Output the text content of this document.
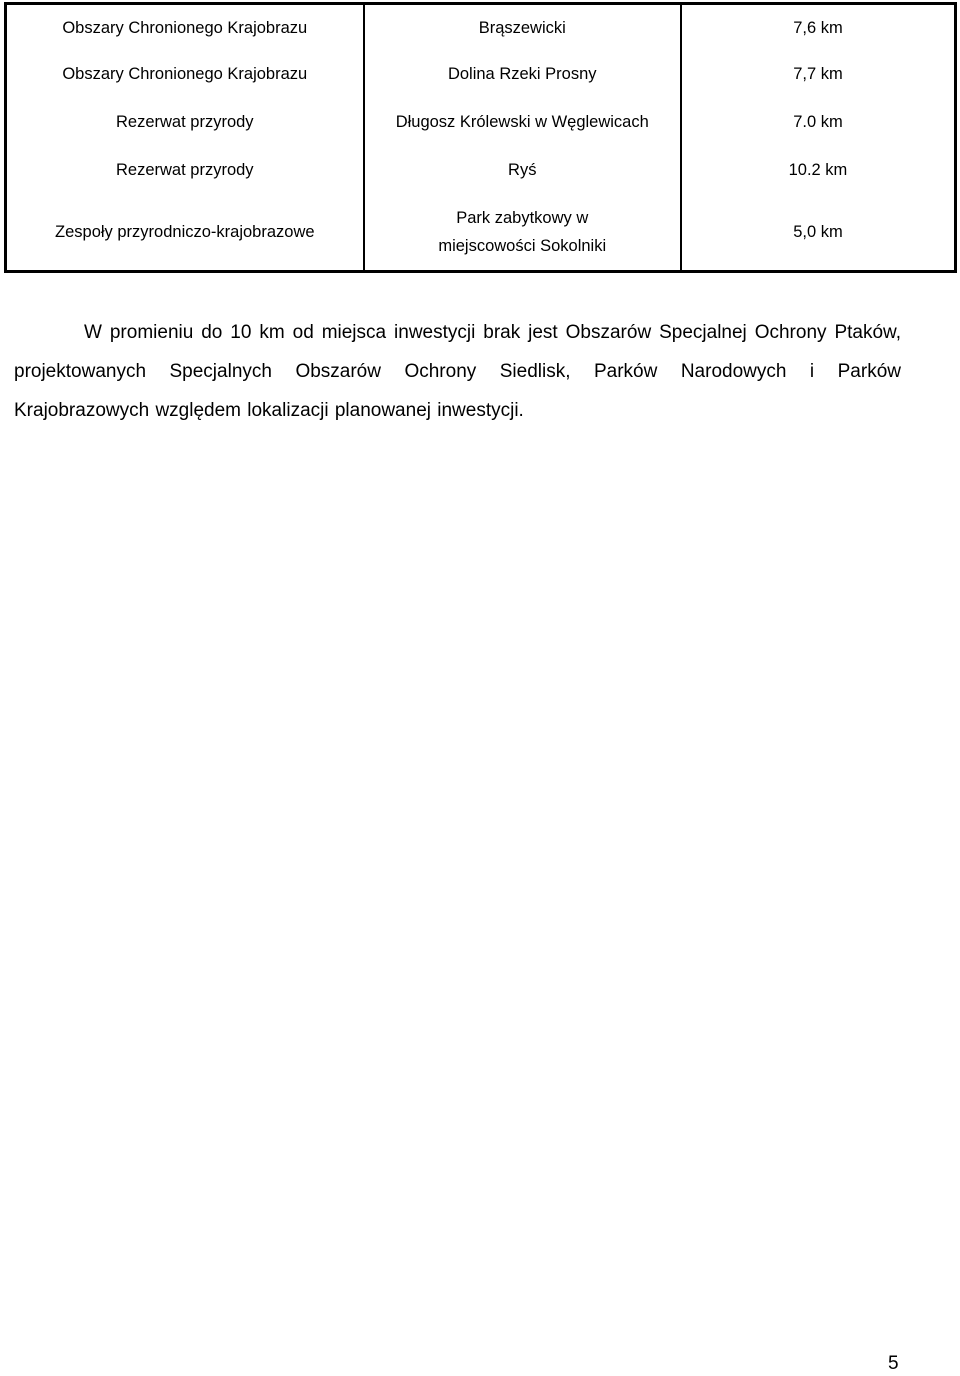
Obszary Chronionego Krajobrazu	Brąszewicki	7,6 km
Obszary Chronionego Krajobrazu	Dolina Rzeki Prosny	7,7 km
Rezerwat przyrody	Długosz Królewski w Węglewicach	7.0 km
Rezerwat przyrody	Ryś	10.2 km
Zespoły przyrodniczo-krajobrazowe	Park zabytkowy w miejscowości Sokolniki	5,0 km

W promieniu do 10 km od miejsca inwestycji brak jest Obszarów Specjalnej Ochrony Ptaków, projektowanych Specjalnych Obszarów Ochrony Siedlisk, Parków Narodowych i Parków Krajobrazowych względem lokalizacji planowanej inwestycji.

5
